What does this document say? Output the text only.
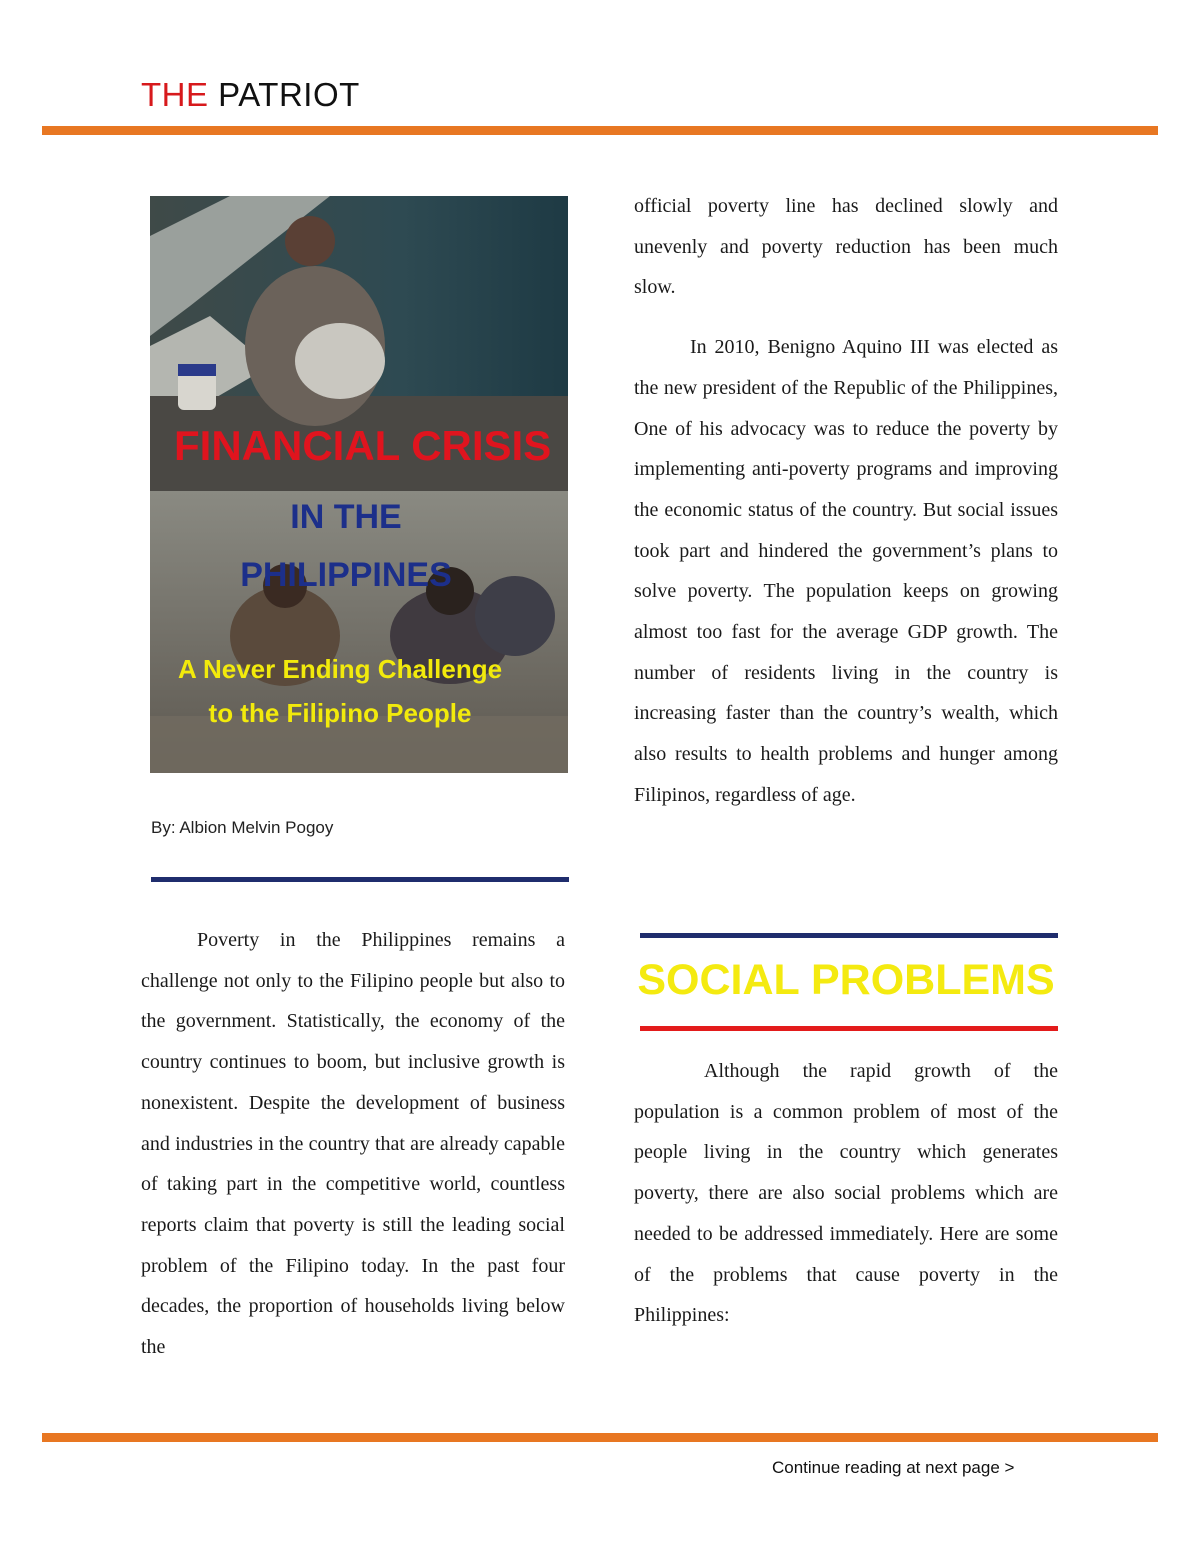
THE PATRIOT
FINANCIAL CRISIS
IN THE
PHILIPPINES
A Never Ending Challenge
to the Filipino People
By: Albion Melvin Pogoy

Poverty in the Philippines remains a challenge not only to the Filipino people but also to the government. Statistically, the economy of the country continues to boom, but inclusive growth is nonexistent. Despite the development of business and industries in the country that are already capable of taking part in the competitive world, countless reports claim that poverty is still the leading social problem of the Filipino today. In the past four decades, the proportion of households living below the

official poverty line has declined slowly and unevenly and poverty reduction has been much slow.

In 2010, Benigno Aquino III was elected as the new president of the Republic of the Philippines, One of his advocacy was to reduce the poverty by implementing anti-poverty programs and improving the economic status of the country. But social issues took part and hindered the government’s plans to solve poverty. The population keeps on growing almost too fast for the average GDP growth. The number of residents living in the country is increasing faster than the country’s wealth, which also results to health problems and hunger among Filipinos, regardless of age.

SOCIAL PROBLEMS

Although the rapid growth of the population is a common problem of most of the people living in the country which generates poverty, there are also social problems which are needed to be addressed immediately. Here are some of the problems that cause poverty in the Philippines:

Continue reading at next page >
